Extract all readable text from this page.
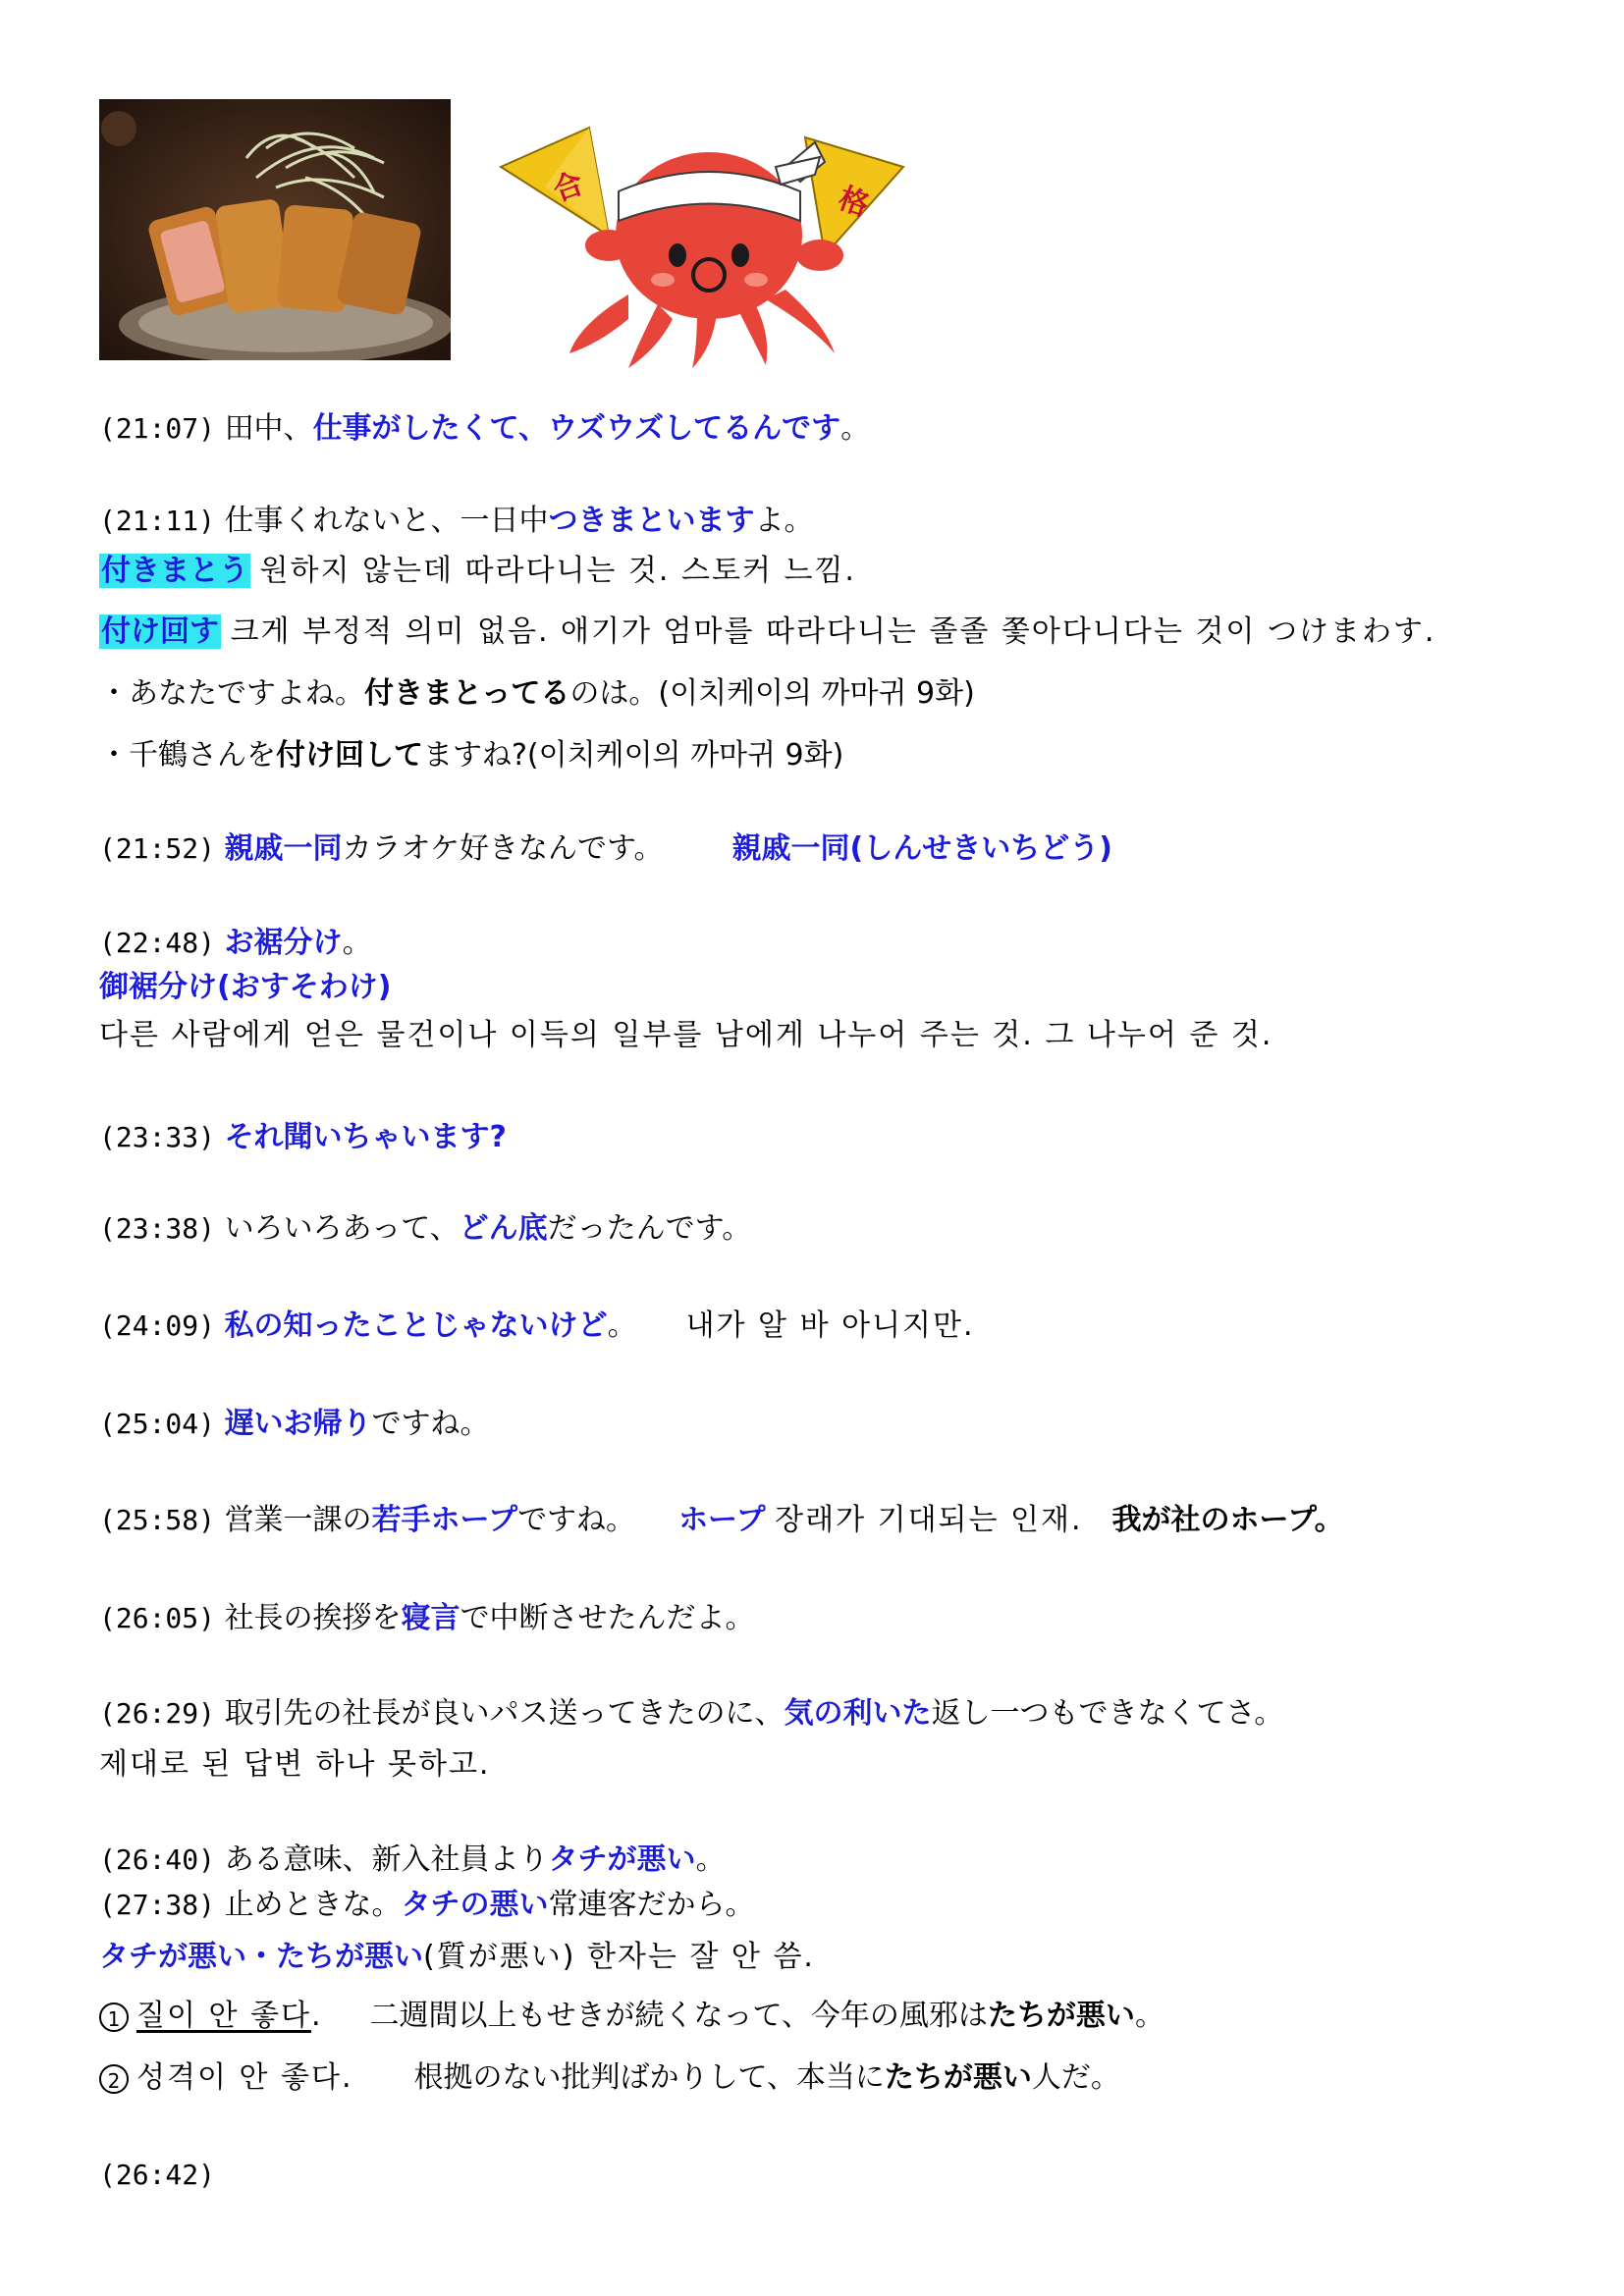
合	格
(21:07) 田中、仕事がしたくて、ウズウズしてるんです。
(21:11) 仕事くれないと、一日中つきまといますよ。
付きまとう 원하지 않는데 따라다니는 것. 스토커 느낌.
付け回す 크게 부정적 의미 없음. 애기가 엄마를 따라다니는 졸졸 쫓아다니다는 것이 つけまわす.
・あなたですよね。付きまとってるのは。(이치케이의 까마귀 9화)
・千鶴さんを付け回してますね?(이치케이의 까마귀 9화)
(21:52) 親戚一同カラオケ好きなんです。 親戚一同(しんせきいちどう)
(22:48) お裾分け。
御裾分け(おすそわけ)
다른 사람에게 얻은 물건이나 이득의 일부를 남에게 나누어 주는 것. 그 나누어 준 것.
(23:33) それ聞いちゃいます?
(23:38) いろいろあって、どん底だったんです。
(24:09) 私の知ったことじゃないけど。 내가 알 바 아니지만.
(25:04) 遅いお帰りですね。
(25:58) 営業一課の若手ホープですね。 ホープ 장래가 기대되는 인재. 我が社のホープ。
(26:05) 社長の挨拶を寝言で中断させたんだよ。
(26:29) 取引先の社長が良いパス送ってきたのに、気の利いた返し一つもできなくてさ。
제대로 된 답변 하나 못하고.
(26:40) ある意味、新入社員よりタチが悪い。
(27:38) 止めときな。タチの悪い常連客だから。
タチが悪い・たちが悪い(質が悪い) 한자는 잘 안 씀.
1 질이 안 좋다. 二週間以上もせきが続くなって、今年の風邪はたちが悪い。
2 성격이 안 좋다. 根拠のない批判ばかりして、本当にたちが悪い人だ。
(26:42)
